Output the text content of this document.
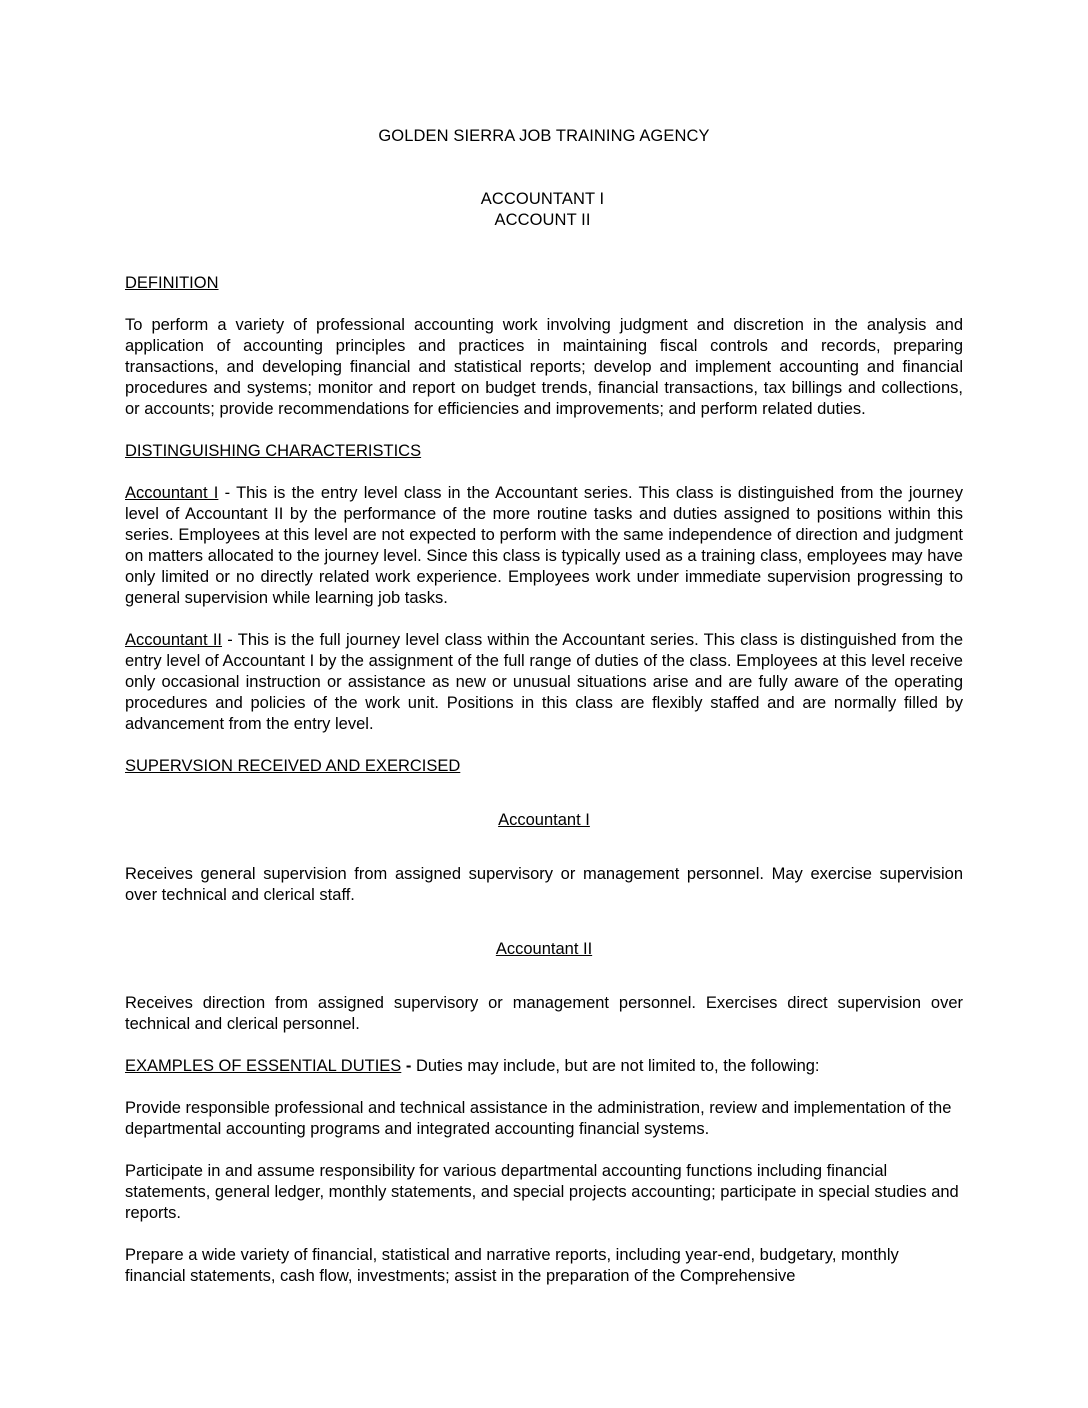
GOLDEN SIERRA JOB TRAINING AGENCY
ACCOUNTANT I
ACCOUNT II
DEFINITION
To perform a variety of professional accounting work involving judgment and discretion in the analysis and application of accounting principles and practices in maintaining fiscal controls and records, preparing transactions, and developing financial and statistical reports; develop and implement accounting and financial procedures and systems; monitor and report on budget trends, financial transactions, tax billings and collections, or accounts; provide recommendations for efficiencies and improvements; and perform related duties.
DISTINGUISHING CHARACTERISTICS
Accountant I - This is the entry level class in the Accountant series. This class is distinguished from the journey level of Accountant II by the performance of the more routine tasks and duties assigned to positions within this series. Employees at this level are not expected to perform with the same independence of direction and judgment on matters allocated to the journey level. Since this class is typically used as a training class, employees may have only limited or no directly related work experience. Employees work under immediate supervision progressing to general supervision while learning job tasks.
Accountant II - This is the full journey level class within the Accountant series. This class is distinguished from the entry level of Accountant I by the assignment of the full range of duties of the class. Employees at this level receive only occasional instruction or assistance as new or unusual situations arise and are fully aware of the operating procedures and policies of the work unit. Positions in this class are flexibly staffed and are normally filled by advancement from the entry level.
SUPERVSION RECEIVED AND EXERCISED
Accountant I
Receives general supervision from assigned supervisory or management personnel. May exercise supervision over technical and clerical staff.
Accountant II
Receives direction from assigned supervisory or management personnel. Exercises direct supervision over technical and clerical personnel.
EXAMPLES OF ESSENTIAL DUTIES - Duties may include, but are not limited to, the following:
Provide responsible professional and technical assistance in the administration, review and implementation of the departmental accounting programs and integrated accounting financial systems.
Participate in and assume responsibility for various departmental accounting functions including financial statements, general ledger, monthly statements, and special projects accounting; participate in special studies and reports.
Prepare a wide variety of financial, statistical and narrative reports, including year-end, budgetary, monthly financial statements, cash flow, investments; assist in the preparation of the Comprehensive
